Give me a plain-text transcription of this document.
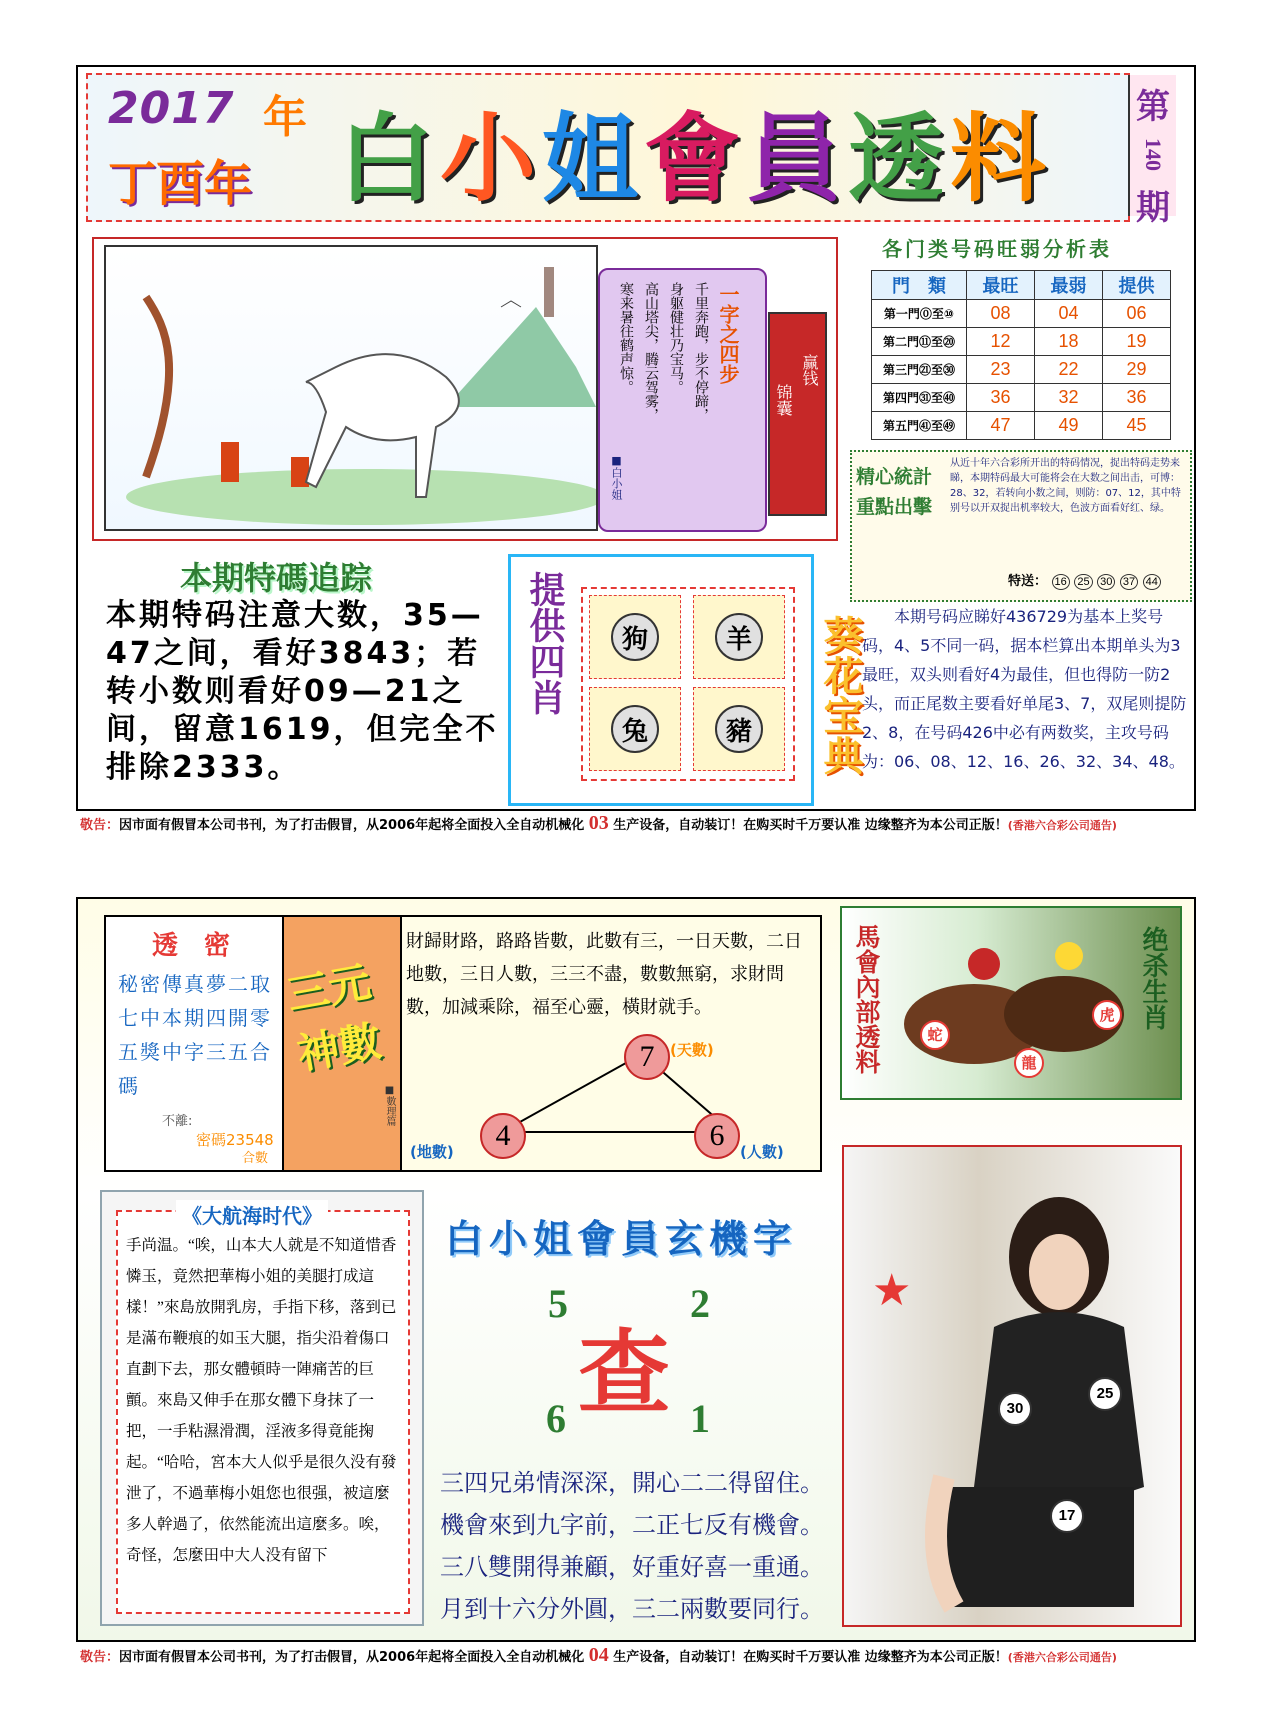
2017 年
丁酉年 白小姐會員透料 第
140
期
寒来暑往鹤声惊。 高山塔尖，腾云驾雾， 身躯健壮乃宝马。 千里奔跑，步不停蹄， 一字之四步
■白小姐
锦囊
赢钱
各门类号码旺弱分析表
門　類	最旺	最弱	提供
第一門⓪至⑩	08	04	06
第二門⑪至⑳	12	18	19
第三門㉑至㉚	23	22	29
第四門㉛至㊵	36	32	36
第五門㊶至㊾	47	49	45
精心統計重點出擊
从近十年六合彩所开出的特码情况，捉出特码走势来睇，本期特码最大可能将会在大数之间出击，可博：28、32，若转向小数之间，则防：07、12，其中特别号以开双捉出机率较大，色波方面看好红、绿。
特送： 16 25 30 37 44
本期特碼追踪
本期特码注意大数，35—47之间，看好3843；若转小数则看好09—21之间，留意1619，但完全不排除2333。
提供四肖	狗	羊
兔	豬 葵花宝典	本期号码应睇好436729为基本上奖号码，4、5不同一码，据本栏算出本期单头为3最旺，双头则看好4为最佳，但也得防一防2头，而正尾数主要看好单尾3、7，双尾则提防2、8，在号码426中必有两数奖，主攻号码为：06、08、12、16、26、32、34、48。
敬告：因市面有假冒本公司书刊，为了打击假冒，从2006年起将全面投入全自动机械化 03 生产设备，自动装订！在购买时千万要认准 边缘整齐为本公司正版！(香港六合彩公司通告)
透　密
秘密傳真夢二取七中本期四開零五獎中字三五合碼
不離:
密碼23548
合數
三元神數
■數理篇
財歸財路，路路皆數，此數有三，一日天數，二日地數，三日人數，三三不盡，數數無窮，求財問數，加減乘除，福至心靈，橫財就手。
7	(天數)
4
(地數)	6	(人數)
馬會內部透料	绝杀生肖
蛇
龍
虎
《大航海时代》
手尚温。“唉，山本大人就是不知道惜香憐玉，竟然把華梅小姐的美腿打成這樣！”來島放開乳房，手指下移，落到已是滿布鞭痕的如玉大腿，指尖沿着傷口直劃下去，那女體頓時一陣痛苦的巨顫。來島又伸手在那女體下身抹了一把，一手粘濕滑潤，淫液多得竟能掬起。“哈哈，宮本大人似乎是很久没有發泄了，不過華梅小姐您也很强，被這麼多人幹過了，依然能流出這麼多。唉，奇怪，怎麼田中大人没有留下
白小姐會員玄機字
5	2
查
6	1
三四兄弟情深深，開心二二得留住。
機會來到九字前，二正七反有機會。
三八雙開得兼顧，好重好喜一重通。
月到十六分外圓，三二兩數要同行。
★
30
25
17
敬告：因市面有假冒本公司书刊，为了打击假冒，从2006年起将全面投入全自动机械化 04 生产设备，自动装订！在购买时千万要认准 边缘整齐为本公司正版！(香港六合彩公司通告)
